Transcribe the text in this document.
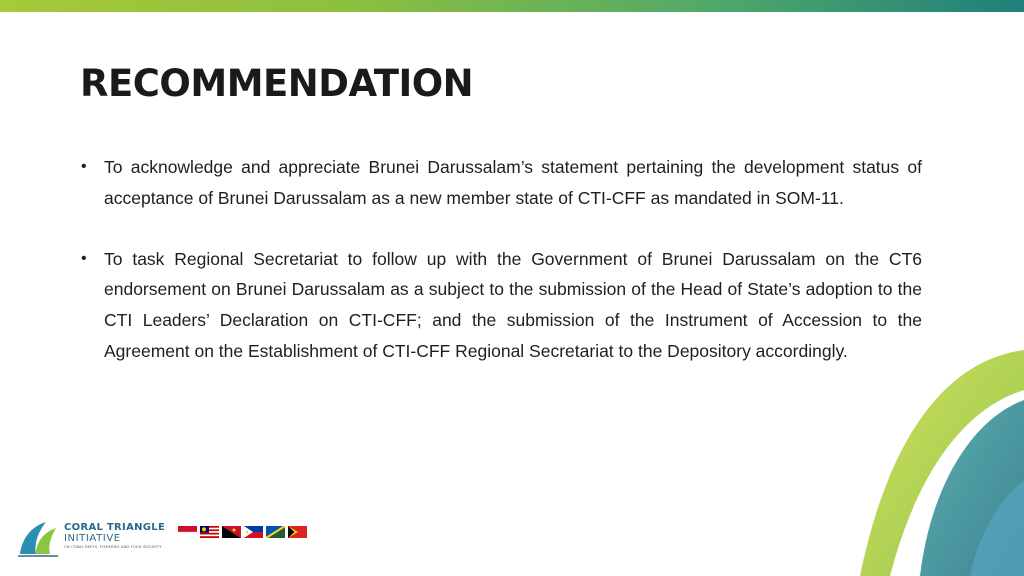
RECOMMENDATION
• To acknowledge and appreciate Brunei Darussalam’s statement pertaining the development status of acceptance of Brunei Darussalam as a new member state of CTI-CFF as mandated in SOM-11.
• To task Regional Secretariat to follow up with the Government of Brunei Darussalam on the CT6 endorsement on Brunei Darussalam as a subject to the submission of the Head of State’s adoption to the CTI Leaders’ Declaration on CTI-CFF; and the submission of the Instrument of Accession to the Agreement on the Establishment of CTI-CFF Regional Secretariat to the Depository accordingly.
CORAL TRIANGLE
INITIATIVE
ON CORAL REEFS, FISHERIES AND FOOD SECURITY
